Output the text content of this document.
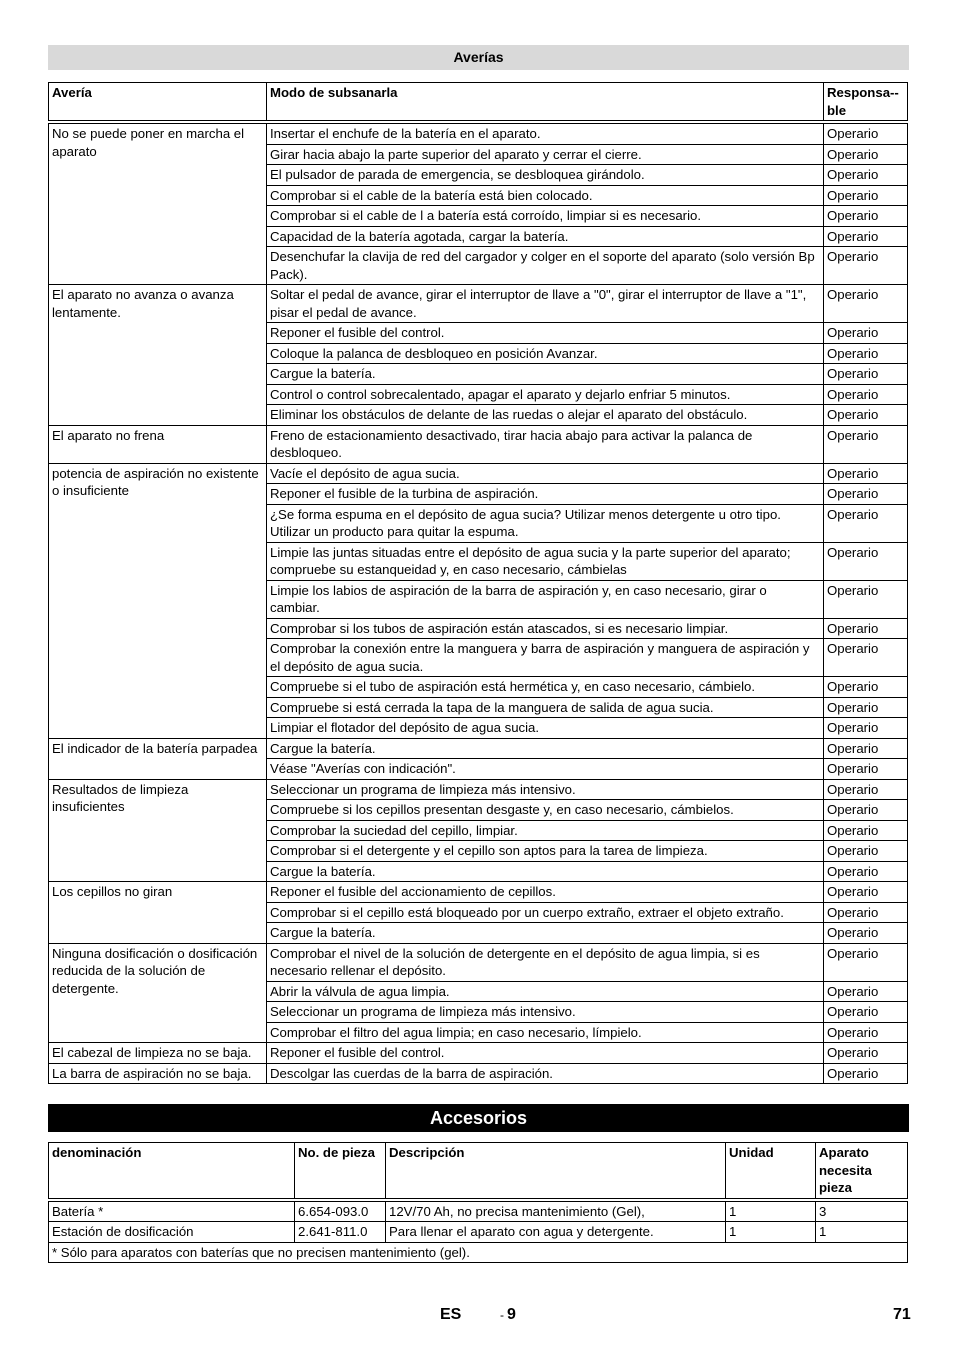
Averías
Avería	Modo de subsanarla	Responsa-ble
No se puede poner en marcha el aparato	Insertar el enchufe de la batería en el aparato.	Operario
	Girar hacia abajo la parte superior del aparato y cerrar el cierre.	Operario
	El pulsador de parada de emergencia, se desbloquea girándolo.	Operario
	Comprobar si el cable de la batería está bien colocado.	Operario
	Comprobar si el cable de l a batería está corroído, limpiar si es necesario.	Operario
	Capacidad de la batería agotada, cargar la batería.	Operario
	Desenchufar la clavija de red del cargador y colger en el soporte del aparato (solo versión Bp Pack).	Operario
El aparato no avanza o avanza lentamente.	Soltar el pedal de avance, girar el interruptor de llave a "0", girar el interruptor de llave a "1", pisar el pedal de avance.	Operario
	Reponer el fusible del control.	Operario
	Coloque la palanca de desbloqueo en posición Avanzar.	Operario
	Cargue la batería.	Operario
	Control o control sobrecalentado, apagar el aparato y dejarlo enfriar 5 minutos.	Operario
	Eliminar los obstáculos de delante de las ruedas o alejar el aparato del obstáculo.	Operario
El aparato no frena	Freno de estacionamiento desactivado, tirar hacia abajo para activar la palanca de desbloqueo.	Operario
potencia de aspiración no existente o insuficiente	Vacíe el depósito de agua sucia.	Operario
	Reponer el fusible de la turbina de aspiración.	Operario
	¿Se forma espuma en el depósito de agua sucia? Utilizar menos detergente u otro tipo. Utilizar un producto para quitar la espuma.	Operario
	Limpie las juntas situadas entre el depósito de agua sucia y la parte superior del aparato; compruebe su estanqueidad y, en caso necesario, cámbielas	Operario
	Limpie los labios de aspiración de la barra de aspiración y, en caso necesario, girar o cambiar.	Operario
	Comprobar si los tubos de aspiración están atascados, si es necesario limpiar.	Operario
	Comprobar la conexión entre la manguera y barra de aspiración y manguera de aspiración y el depósito de agua sucia.	Operario
	Compruebe si el tubo de aspiración está hermética y, en caso necesario, cámbielo.	Operario
	Compruebe si está cerrada la tapa de la manguera de salida de agua sucia.	Operario
	Limpiar el flotador del depósito de agua sucia.	Operario
El indicador de la batería parpadea	Cargue la batería.	Operario
	Véase "Averías con indicación".	Operario
Resultados de limpieza insuficientes	Seleccionar un programa de limpieza más intensivo.	Operario
	Compruebe si los cepillos presentan desgaste y, en caso necesario, cámbielos.	Operario
	Comprobar la suciedad del cepillo, limpiar.	Operario
	Comprobar si el detergente y el cepillo son aptos para la tarea de limpieza.	Operario
	Cargue la batería.	Operario
Los cepillos no giran	Reponer el fusible del accionamiento de cepillos.	Operario
	Comprobar si el cepillo está bloqueado por un cuerpo extraño, extraer el objeto extraño.	Operario
	Cargue la batería.	Operario
Ninguna dosificación o dosificación reducida de la solución de detergente.	Comprobar el nivel de la solución de detergente en el depósito de agua limpia, si es necesario rellenar el depósito.	Operario
	Abrir la válvula de agua limpia.	Operario
	Seleccionar un programa de limpieza más intensivo.	Operario
	Comprobar el filtro del agua limpia; en caso necesario, límpielo.	Operario
El cabezal de limpieza no se baja.	Reponer el fusible del control.	Operario
La barra de aspiración no se baja.	Descolgar las cuerdas de la barra de aspiración.	Operario
Accesorios
denominación	No. de pieza	Descripción	Unidad	Aparato necesita pieza
Batería *	6.654-093.0	12V/70 Ah, no precisa mantenimiento (Gel),	1	3
Estación de dosificación	2.641-811.0	Para llenar el aparato con agua y detergente.	1	1
* Sólo para aparatos con baterías que no precisen mantenimiento (gel).				
ES	- 9	71
